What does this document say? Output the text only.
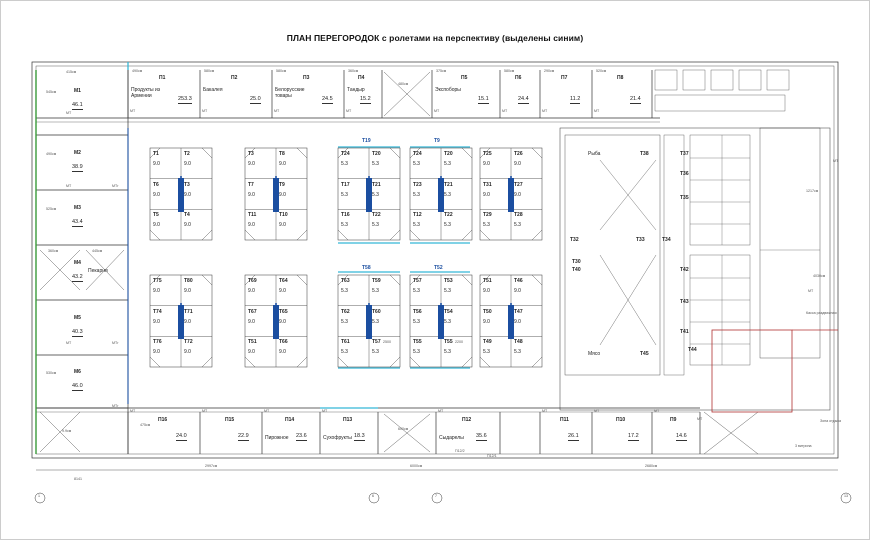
ПЛАН ПЕРЕГОРОДОК с ролетами на перспективу (выделены синим)
M1
46.1
545см
415см
M2
38.9
490см
M3
43.4
525см
M4
Пекарня
43.2
M5
40.3
M6
46.0
530см
МТ
МТ	МТг
МТ	МТг
МТг
360см	445см
8141
9.9см
П1
490см
Продукты из
Армении	253.3
МТ
П2
580см
Бакалея
25.0
МТ
П3
580см
Белорусские
товары	24.5
МТ
П4
360см
Тандыр
15.2
МТ
П5
375см
Экспоборы
15.1
МТ
П6
580см
24.4
МТ
П7
290см
11.2
МТ
П8
520см
21.4
МТ
П16
24.0
МТ
П15
22.9
МТ
П14
Пирожное 23.6
МТ
П13
Сухофрукты 18.3
МТ
П12
Сыдарелы 35.6
МТ
П11
26.1
МТ
П10
17.2
МТ
П9
14.6
МТ
475см
Т1
9.0
Т2
9.0
Т6
9.0
Т3
9.0
Т5
9.0
Т4
9.0
Т3
9.0
Т8
9.0
Т7
9.0
Т9
9.0
Т11
9.0
Т10
9.0
Т19
Т24
5.3
Т20
5.3
Т17
5.3
Т21
5.3
Т16
5.3
Т22
5.3
Т9
Т24
5.3
Т20
5.3
Т23
5.3
Т21
5.3
Т12
5.3
Т22
5.3
Т25
9.0
Т26
9.0
Т31
9.0
Т27
9.0
Т29
5.3
Т28
5.3
Т75
9.0
Т80
9.0
Т74
9.0
Т71
9.0
Т76
9.0
Т72
9.0
Т69
9.0
Т64
9.0
Т67
9.0
Т65
9.0
Т51
9.0
Т66
9.0
Т58
Т63
5.3
Т59
5.3
Т62
5.3
Т60
5.3
Т61
5.3
Т57
5.3
Т52
Т57
5.3
Т53
5.3
Т56
5.3
Т54
5.3
Т55
5.3
Т55
5.3
Т51
9.0
Т46
9.0
Т50
9.0
Т47
9.0
Т49
5.3
Т48
5.3
Рыба
Мясо
Т38	Т37
Т36
Т35
Т34
Т33
Т32
Т30
Т40	Т42
Т43
Т45
Т41
Т44
МТ
МТ
МТ
Касса раздвижная
Зона отдыха
3 витрина
2500	2200
480см
600см
4030см
1217см
2997см	6000см	2680см
П12/2
П12/1
1	6	7	13
